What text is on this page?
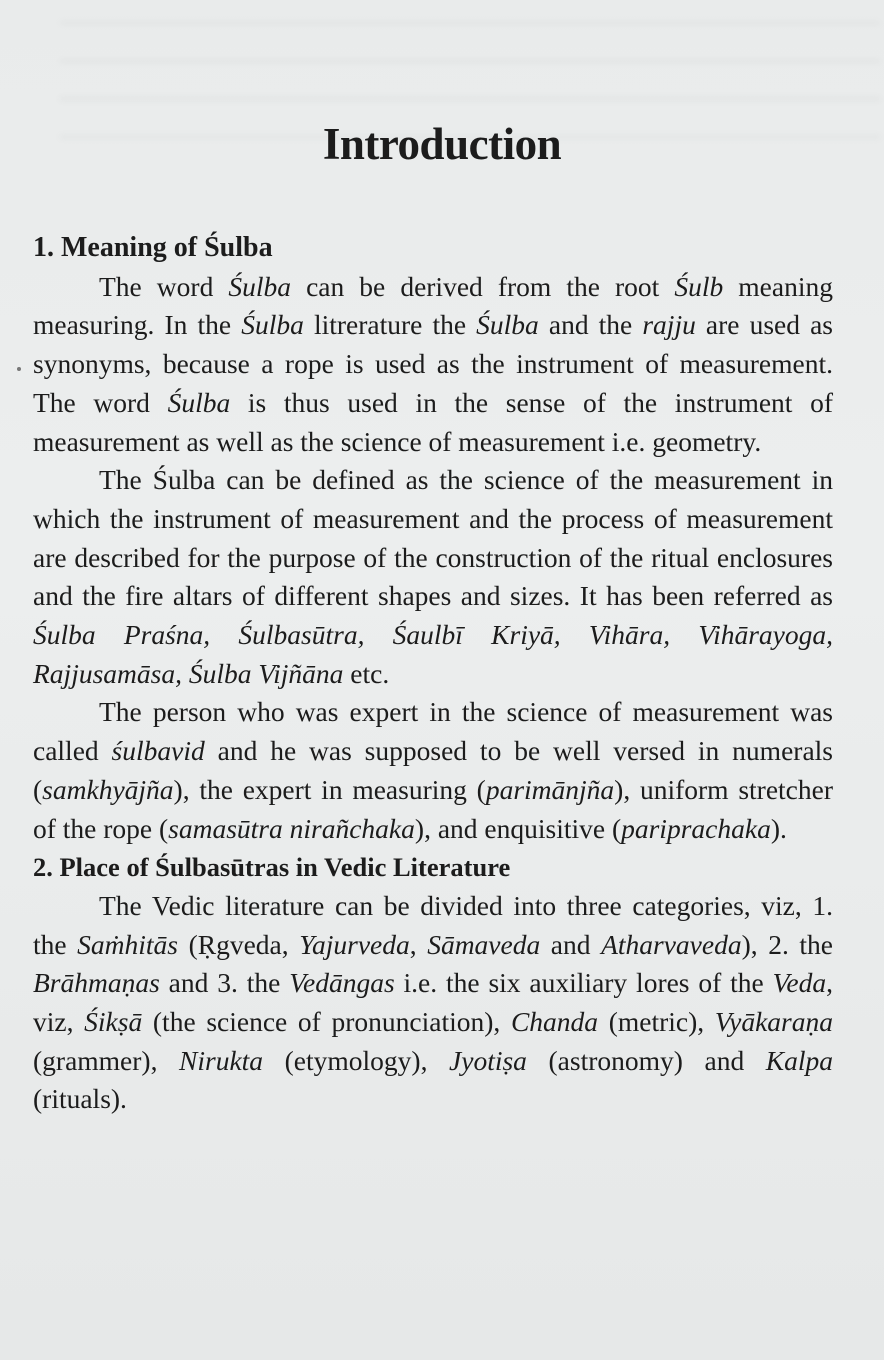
Introduction
1. Meaning of Śulba

The word Śulba can be derived from the root Śulb meaning measuring. In the Śulba litrerature the Śulba and the rajju are used as synonyms, because a rope is used as the instrument of measurement. The word Śulba is thus used in the sense of the instrument of measurement as well as the science of measurement i.e. geometry.

The Śulba can be defined as the science of the measurement in which the instrument of measurement and the process of measurement are described for the purpose of the construction of the ritual enclosures and the fire altars of different shapes and sizes. It has been referred as Śulba Praśna, Śulbasūtra, Śaulbī Kriyā, Vihāra, Vihārayoga, Rajjusamāsa, Śulba Vijñāna etc.

The person who was expert in the science of measurement was called śulbavid and he was supposed to be well versed in numerals (samkhyājña), the expert in measuring (parimānjña), uniform stretcher of the rope (samasūtra nirañchaka), and enquisitive (pariprachaka).

2. Place of Śulbasūtras in Vedic Literature

The Vedic literature can be divided into three categories, viz, 1. the Saṁhitās (Ṛgveda, Yajurveda, Sāmaveda and Atharvaveda), 2. the Brāhmaṇas and 3. the Vedāngas i.e. the six auxiliary lores of the Veda, viz, Śikṣā (the science of pronunciation), Chanda (metric), Vyākaraṇa (grammer), Nirukta (etymology), Jyotiṣa (astronomy) and Kalpa (rituals).
